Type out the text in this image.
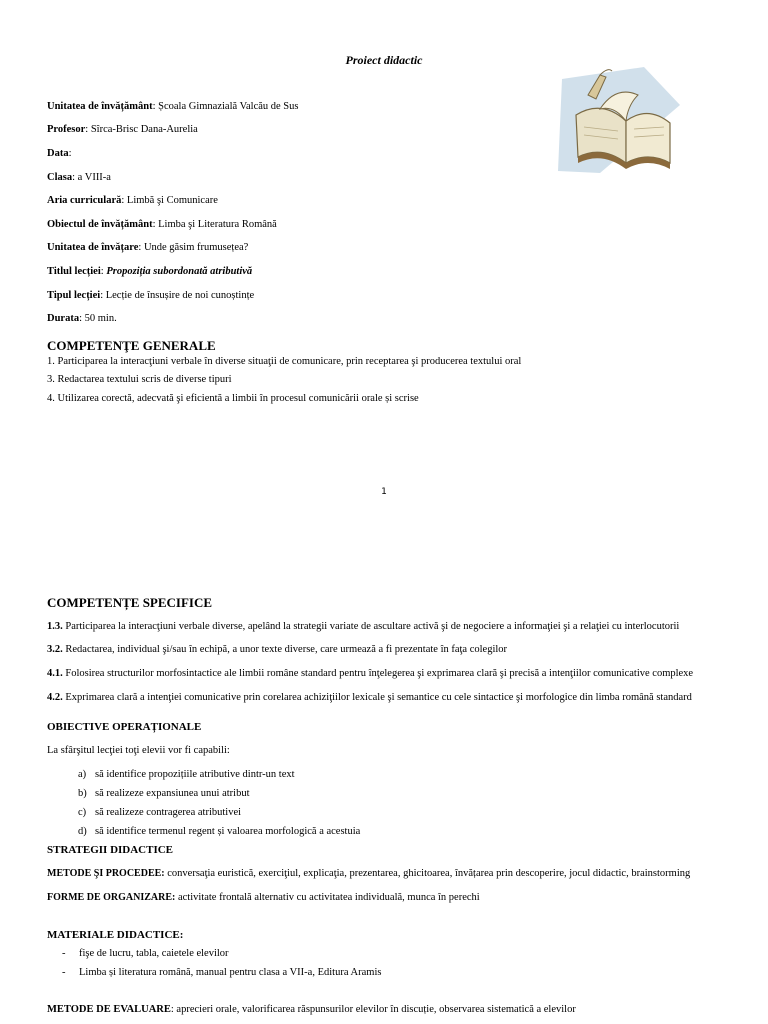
Proiect didactic
Unitatea de învățământ: Școala Gimnazială Valcău de Sus
Profesor: Sîrca-Brisc Dana-Aurelia
Data:
Clasa: a VIII-a
Aria curriculară: Limbă şi Comunicare
Obiectul de învățământ: Limba şi Literatura Română
Unitatea de învățare: Unde găsim frumusețea?
Titlul lecției: Propoziția subordonată atributivă
Tipul lecției: Lecție de însușire de noi cunoștințe
Durata: 50 min.
COMPETENŢE GENERALE
1. Participarea la interacţiuni verbale în diverse situaţii de comunicare, prin receptarea şi producerea textului oral
3. Redactarea textului scris de diverse tipuri
4. Utilizarea corectă, adecvată şi eficientă a limbii în procesul comunicării orale și scrise
1
COMPETENȚE SPECIFICE
1.3. Participarea la interacţiuni verbale diverse, apelând la strategii variate de ascultare activă şi de negociere a informaţiei şi a relaţiei cu interlocutorii
3.2. Redactarea, individual şi/sau în echipă, a unor texte diverse, care urmează a fi prezentate în faţa colegilor
4.1. Folosirea structurilor morfosintactice ale limbii române standard pentru înţelegerea şi exprimarea clară şi precisă a intenţiilor comunicative complexe
4.2. Exprimarea clară a intenţiei comunicative prin corelarea achiziţiilor lexicale şi semantice cu cele sintactice şi morfologice din limba română standard
OBIECTIVE OPERAȚIONALE
La sfârşitul lecţiei toţi elevii vor fi capabili:
a) să identifice propozițiile atributive dintr-un text
b) să realizeze expansiunea unui atribut
c) să realizeze contragerea atributivei
d) să identifice termenul regent și valoarea morfologică a acestuia
STRATEGII DIDACTICE
METODE ŞI PROCEDEE: conversaţia euristică, exerciţiul, explicaţia, prezentarea, ghicitoarea, învățarea prin descoperire, jocul didactic, brainstorming
FORME DE ORGANIZARE: activitate frontală alternativ cu activitatea individuală, munca în perechi
MATERIALE DIDACTICE:
- fişe de lucru, tabla, caietele elevilor
- Limba și literatura română, manual pentru clasa a VII-a, Editura Aramis
METODE DE EVALUARE: aprecieri orale, valorificarea răspunsurilor elevilor în discuție, observarea sistematică a elevilor
